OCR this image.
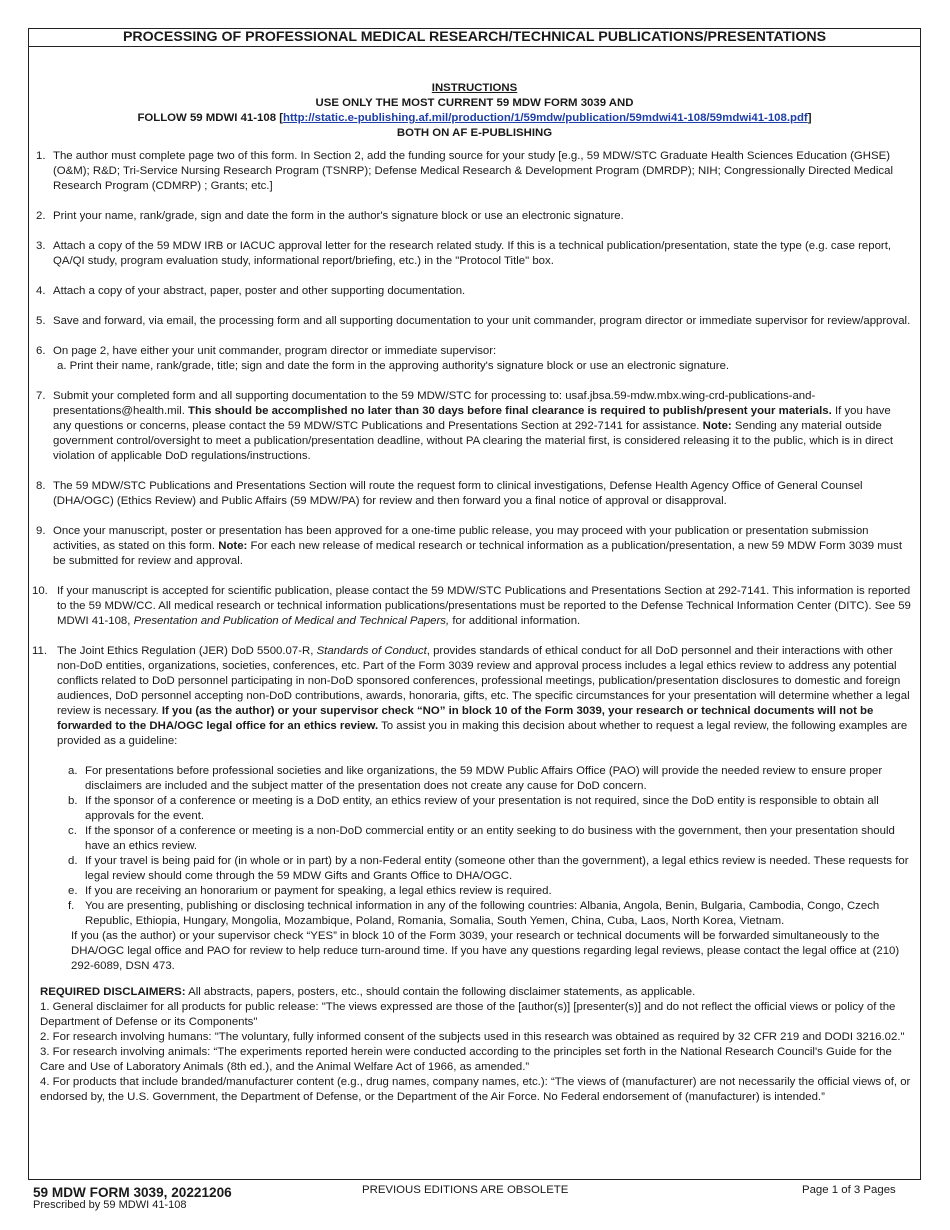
PROCESSING OF PROFESSIONAL MEDICAL RESEARCH/TECHNICAL PUBLICATIONS/PRESENTATIONS
INSTRUCTIONS
USE ONLY THE MOST CURRENT 59 MDW FORM 3039 AND
FOLLOW 59 MDWI 41-108 [http://static.e-publishing.af.mil/production/1/59mdw/publication/59mdwi41-108/59mdwi41-108.pdf]
BOTH ON AF E-PUBLISHING
1. The author must complete page two of this form. In Section 2, add the funding source for your study [e.g., 59 MDW/STC Graduate Health Sciences Education (GHSE) (O&M); R&D; Tri-Service Nursing Research Program (TSNRP); Defense Medical Research & Development Program (DMRDP); NIH; Congressionally Directed Medical Research Program (CDMRP) ; Grants; etc.]
2. Print your name, rank/grade, sign and date the form in the author's signature block or use an electronic signature.
3. Attach a copy of the 59 MDW IRB or IACUC approval letter for the research related study. If this is a technical publication/presentation, state the type (e.g. case report, QA/QI study, program evaluation study, informational report/briefing, etc.) in the "Protocol Title" box.
4. Attach a copy of your abstract, paper, poster and other supporting documentation.
5. Save and forward, via email, the processing form and all supporting documentation to your unit commander, program director or immediate supervisor for review/approval.
6. On page 2, have either your unit commander, program director or immediate supervisor:
a. Print their name, rank/grade, title; sign and date the form in the approving authority's signature block or use an electronic signature.
7. Submit your completed form and all supporting documentation to the 59 MDW/STC for processing to: usaf.jbsa.59-mdw.mbx.wing-crd-publications-and-presentations@health.mil. This should be accomplished no later than 30 days before final clearance is required to publish/present your materials. If you have any questions or concerns, please contact the 59 MDW/STC Publications and Presentations Section at 292-7141 for assistance. Note: Sending any material outside government control/oversight to meet a publication/presentation deadline, without PA clearing the material first, is considered releasing it to the public, which is in direct violation of applicable DoD regulations/instructions.
8. The 59 MDW/STC Publications and Presentations Section will route the request form to clinical investigations, Defense Health Agency Office of General Counsel (DHA/OGC) (Ethics Review) and Public Affairs (59 MDW/PA) for review and then forward you a final notice of approval or disapproval.
9. Once your manuscript, poster or presentation has been approved for a one-time public release, you may proceed with your publication or presentation submission activities, as stated on this form. Note: For each new release of medical research or technical information as a publication/presentation, a new 59 MDW Form 3039 must be submitted for review and approval.
10. If your manuscript is accepted for scientific publication, please contact the 59 MDW/STC Publications and Presentations Section at 292-7141. This information is reported to the 59 MDW/CC. All medical research or technical information publications/presentations must be reported to the Defense Technical Information Center (DITC). See 59 MDWI 41-108, Presentation and Publication of Medical and Technical Papers, for additional information.
11. The Joint Ethics Regulation (JER) DoD 5500.07-R, Standards of Conduct, provides standards of ethical conduct for all DoD personnel and their interactions with other non-DoD entities, organizations, societies, conferences, etc. Part of the Form 3039 review and approval process includes a legal ethics review to address any potential conflicts related to DoD personnel participating in non-DoD sponsored conferences, professional meetings, publication/presentation disclosures to domestic and foreign audiences, DoD personnel accepting non-DoD contributions, awards, honoraria, gifts, etc. The specific circumstances for your presentation will determine whether a legal review is necessary. If you (as the author) or your supervisor check “NO” in block 10 of the Form 3039, your research or technical documents will not be forwarded to the DHA/OGC legal office for an ethics review. To assist you in making this decision about whether to request a legal review, the following examples are provided as a guideline:
a. For presentations before professional societies and like organizations, the 59 MDW Public Affairs Office (PAO) will provide the needed review to ensure proper disclaimers are included and the subject matter of the presentation does not create any cause for DoD concern.
b. If the sponsor of a conference or meeting is a DoD entity, an ethics review of your presentation is not required, since the DoD entity is responsible to obtain all approvals for the event.
c. If the sponsor of a conference or meeting is a non-DoD commercial entity or an entity seeking to do business with the government, then your presentation should have an ethics review.
d. If your travel is being paid for (in whole or in part) by a non-Federal entity (someone other than the government), a legal ethics review is needed. These requests for legal review should come through the 59 MDW Gifts and Grants Office to DHA/OGC.
e. If you are receiving an honorarium or payment for speaking, a legal ethics review is required.
f. You are presenting, publishing or disclosing technical information in any of the following countries: Albania, Angola, Benin, Bulgaria, Cambodia, Congo, Czech Republic, Ethiopia, Hungary, Mongolia, Mozambique, Poland, Romania, Somalia, South Yemen, China, Cuba, Laos, North Korea, Vietnam.
If you (as the author) or your supervisor check “YES” in block 10 of the Form 3039, your research or technical documents will be forwarded simultaneously to the DHA/OGC legal office and PAO for review to help reduce turn-around time. If you have any questions regarding legal reviews, please contact the legal office at (210) 292-6089, DSN 473.
REQUIRED DISCLAIMERS: All abstracts, papers, posters, etc., should contain the following disclaimer statements, as applicable.
1. General disclaimer for all products for public release: "The views expressed are those of the [author(s)] [presenter(s)] and do not reflect the official views or policy of the Department of Defense or its Components"
2. For research involving humans: "The voluntary, fully informed consent of the subjects used in this research was obtained as required by 32 CFR 219 and DODI 3216.02."
3. For research involving animals: “The experiments reported herein were conducted according to the principles set forth in the National Research Council's Guide for the Care and Use of Laboratory Animals (8th ed.), and the Animal Welfare Act of 1966, as amended.”
4. For products that include branded/manufacturer content (e.g., drug names, company names, etc.): “The views of (manufacturer) are not necessarily the official views of, or endorsed by, the U.S. Government, the Department of Defense, or the Department of the Air Force. No Federal endorsement of (manufacturer) is intended.”
59 MDW FORM 3039, 20221206
Prescribed by 59 MDWI 41-108
PREVIOUS EDITIONS ARE OBSOLETE	Page 1 of 3 Pages
